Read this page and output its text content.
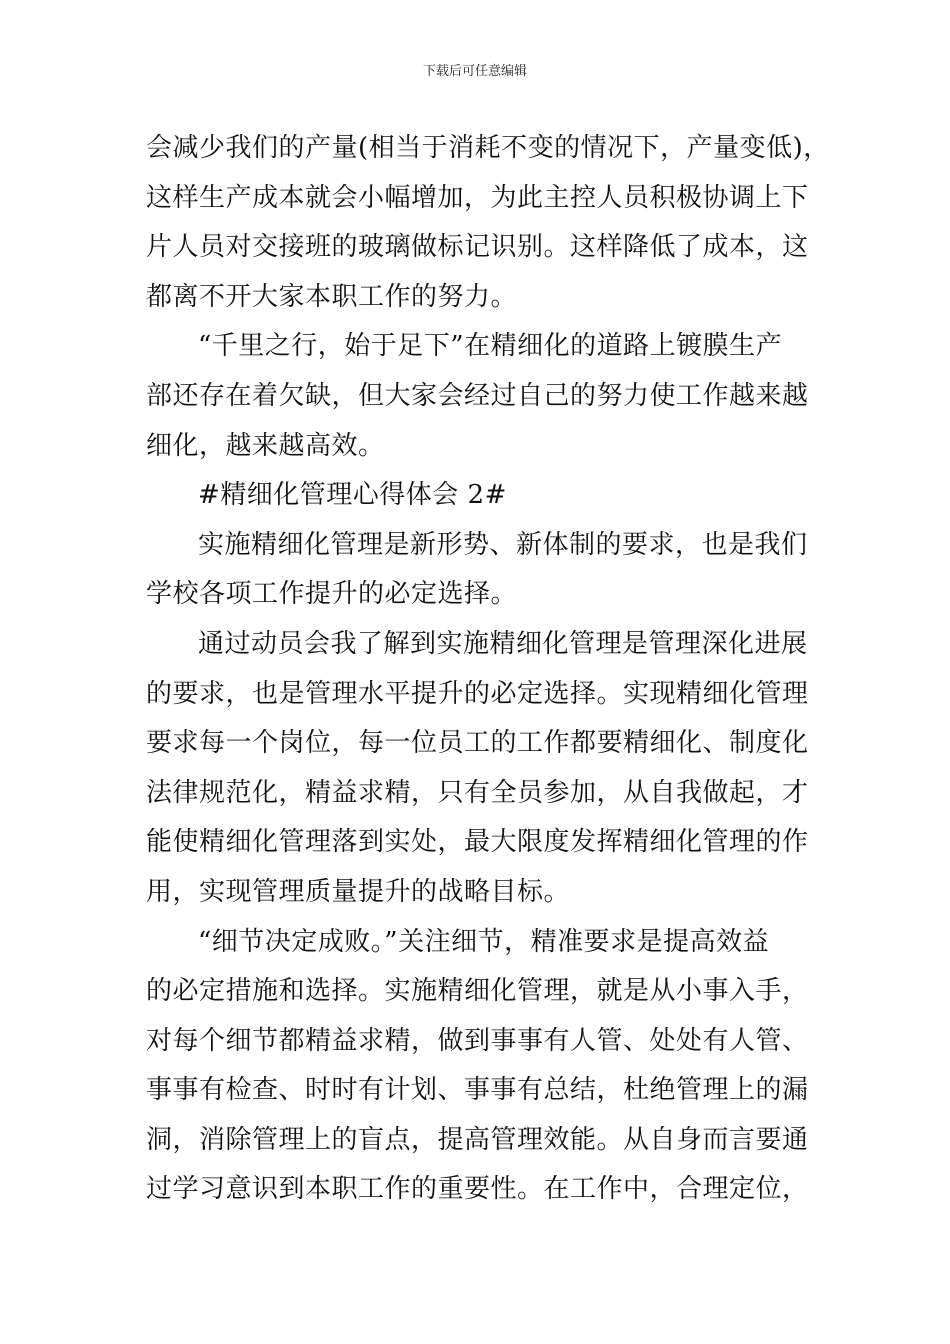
下载后可任意编辑
会减少我们的产量(相当于消耗不变的情况下，产量变低)，
这样生产成本就会小幅增加，为此主控人员积极协调上下
片人员对交接班的玻璃做标记识别。这样降低了成本，这
都离不开大家本职工作的努力。
“千里之行，始于足下”在精细化的道路上镀膜生产
部还存在着欠缺，但大家会经过自己的努力使工作越来越
细化，越来越高效。
#精细化管理心得体会 2#
实施精细化管理是新形势、新体制的要求，也是我们
学校各项工作提升的必定选择。
通过动员会我了解到实施精细化管理是管理深化进展
的要求，也是管理水平提升的必定选择。实现精细化管理
要求每一个岗位，每一位员工的工作都要精细化、制度化
法律规范化，精益求精，只有全员参加，从自我做起，才
能使精细化管理落到实处，最大限度发挥精细化管理的作
用，实现管理质量提升的战略目标。
“细节决定成败。”关注细节，精准要求是提高效益
的必定措施和选择。实施精细化管理，就是从小事入手，
对每个细节都精益求精，做到事事有人管、处处有人管、
事事有检查、时时有计划、事事有总结，杜绝管理上的漏
洞，消除管理上的盲点，提高管理效能。从自身而言要通
过学习意识到本职工作的重要性。在工作中，合理定位，
